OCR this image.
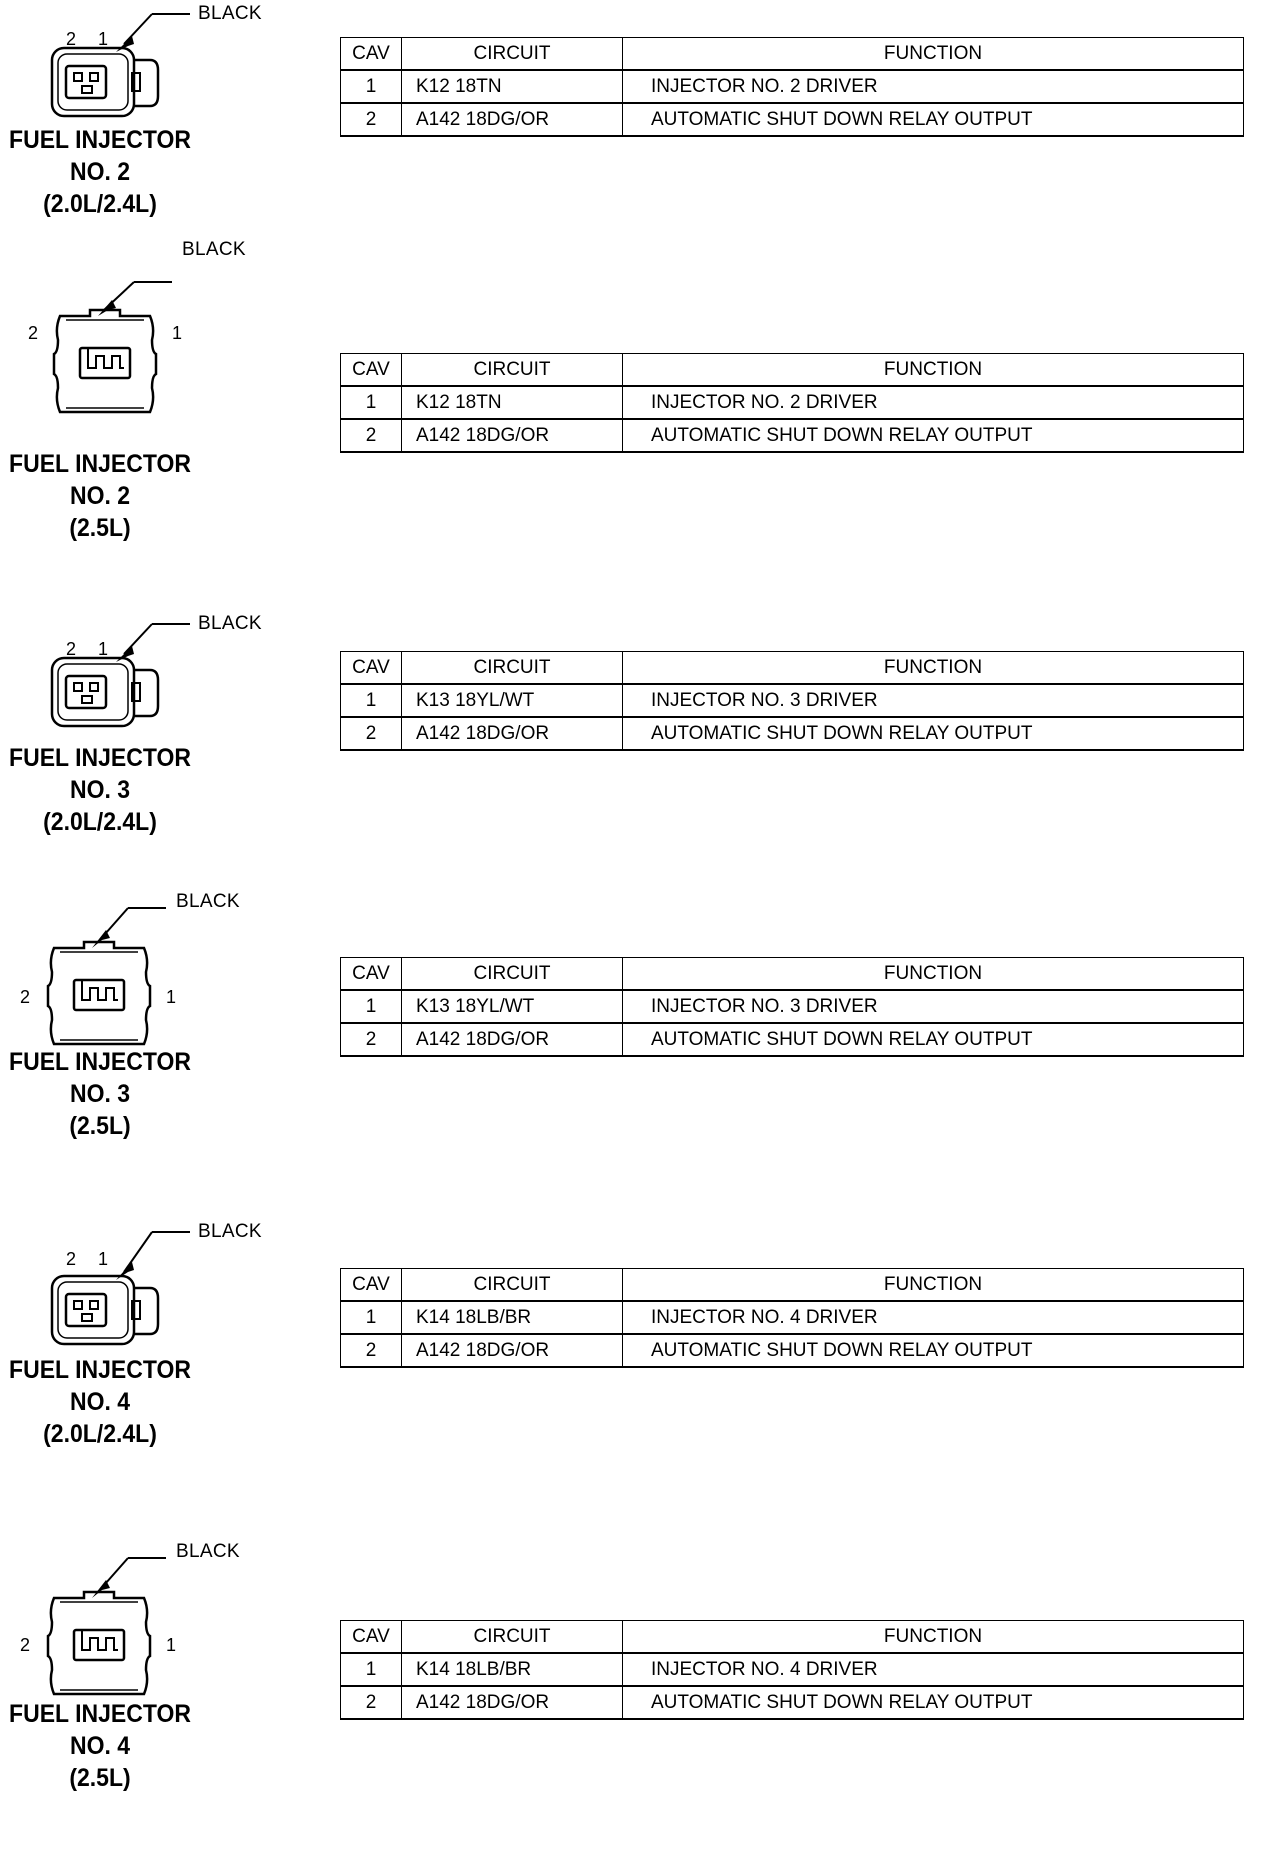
2 1
BLACK
FUEL INJECTOR
NO. 2
(2.0L/2.4L)
CAV	CIRCUIT	FUNCTION
1	K12 18TN	INJECTOR NO. 2 DRIVER
2	A142 18DG/OR	AUTOMATIC SHUT DOWN RELAY OUTPUT
2	1
BLACK
FUEL INJECTOR
NO. 2
(2.5L)
CAV	CIRCUIT	FUNCTION
1	K12 18TN	INJECTOR NO. 2 DRIVER
2	A142 18DG/OR	AUTOMATIC SHUT DOWN RELAY OUTPUT
2 1
BLACK
FUEL INJECTOR
NO. 3
(2.0L/2.4L)
CAV	CIRCUIT	FUNCTION
1	K13 18YL/WT	INJECTOR NO. 3 DRIVER
2	A142 18DG/OR	AUTOMATIC SHUT DOWN RELAY OUTPUT
2	1
BLACK
FUEL INJECTOR
NO. 3
(2.5L)
CAV	CIRCUIT	FUNCTION
1	K13 18YL/WT	INJECTOR NO. 3 DRIVER
2	A142 18DG/OR	AUTOMATIC SHUT DOWN RELAY OUTPUT
2 1
BLACK
FUEL INJECTOR
NO. 4
(2.0L/2.4L)
CAV	CIRCUIT	FUNCTION
1	K14 18LB/BR	INJECTOR NO. 4 DRIVER
2	A142 18DG/OR	AUTOMATIC SHUT DOWN RELAY OUTPUT
2	1
BLACK
FUEL INJECTOR
NO. 4
(2.5L)
CAV	CIRCUIT	FUNCTION
1	K14 18LB/BR	INJECTOR NO. 4 DRIVER
2	A142 18DG/OR	AUTOMATIC SHUT DOWN RELAY OUTPUT
